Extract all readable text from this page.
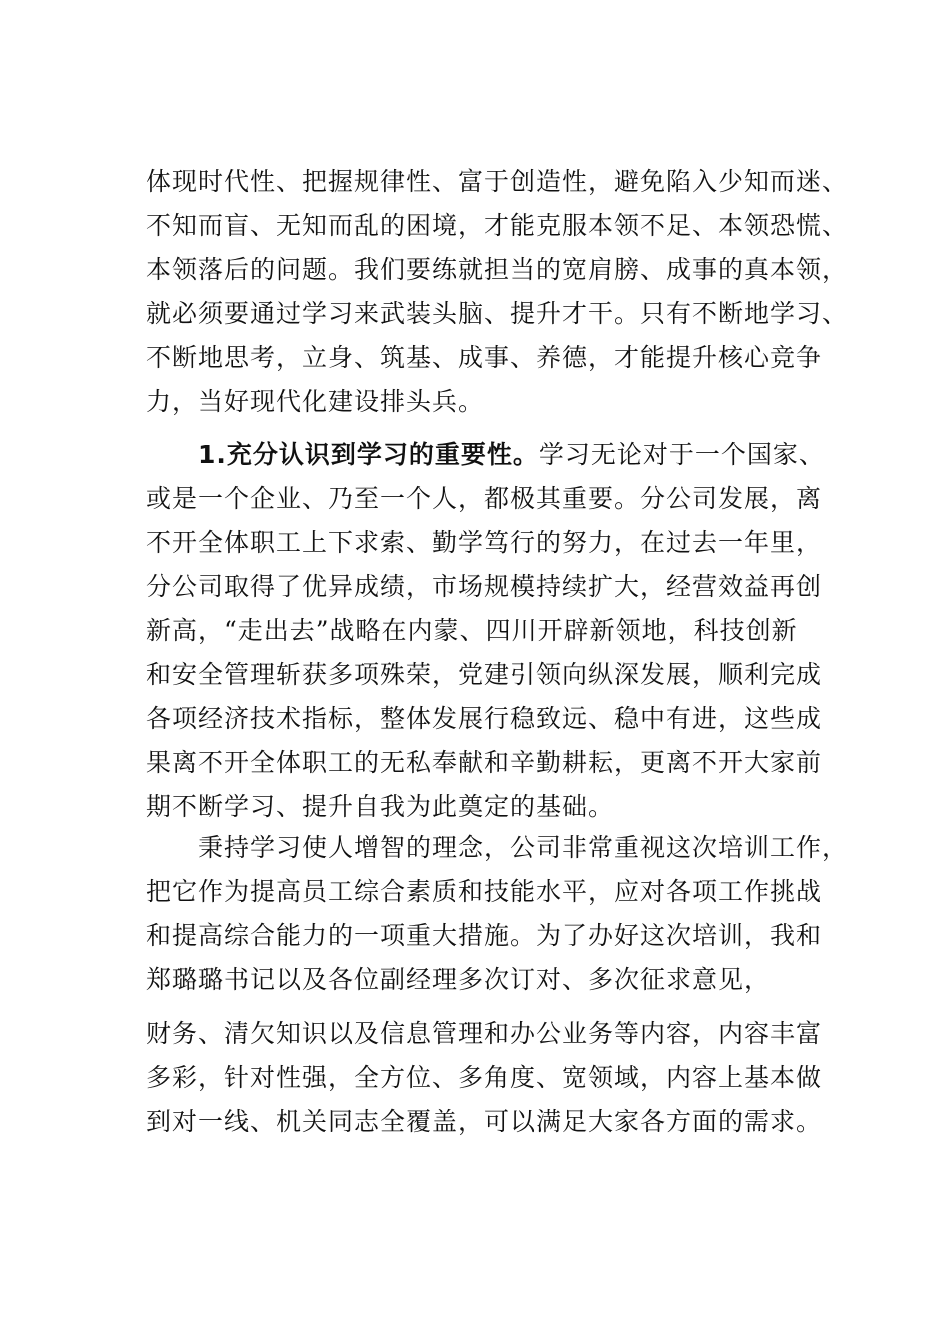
体现时代性、把握规律性、富于创造性，避免陷入少知而迷、
不知而盲、无知而乱的困境，才能克服本领不足、本领恐慌、
本领落后的问题。我们要练就担当的宽肩膀、成事的真本领，
就必须要通过学习来武装头脑、提升才干。只有不断地学习、
不断地思考，立身、筑基、成事、养德，才能提升核心竞争
力，当好现代化建设排头兵。
1.充分认识到学习的重要性。学习无论对于一个国家、
或是一个企业、乃至一个人，都极其重要。分公司发展，离
不开全体职工上下求索、勤学笃行的努力，在过去一年里，
分公司取得了优异成绩，市场规模持续扩大，经营效益再创
新高，“走出去”战略在内蒙、四川开辟新领地，科技创新
和安全管理斩获多项殊荣，党建引领向纵深发展，顺利完成
各项经济技术指标，整体发展行稳致远、稳中有进，这些成
果离不开全体职工的无私奉献和辛勤耕耘，更离不开大家前
期不断学习、提升自我为此奠定的基础。
秉持学习使人增智的理念，公司非常重视这次培训工作，
把它作为提高员工综合素质和技能水平，应对各项工作挑战
和提高综合能力的一项重大措施。为了办好这次培训，我和
郑璐璐书记以及各位副经理多次订对、多次征求意见，
财务、清欠知识以及信息管理和办公业务等内容，内容丰富
多彩，针对性强，全方位、多角度、宽领域，内容上基本做
到对一线、机关同志全覆盖，可以满足大家各方面的需求。
